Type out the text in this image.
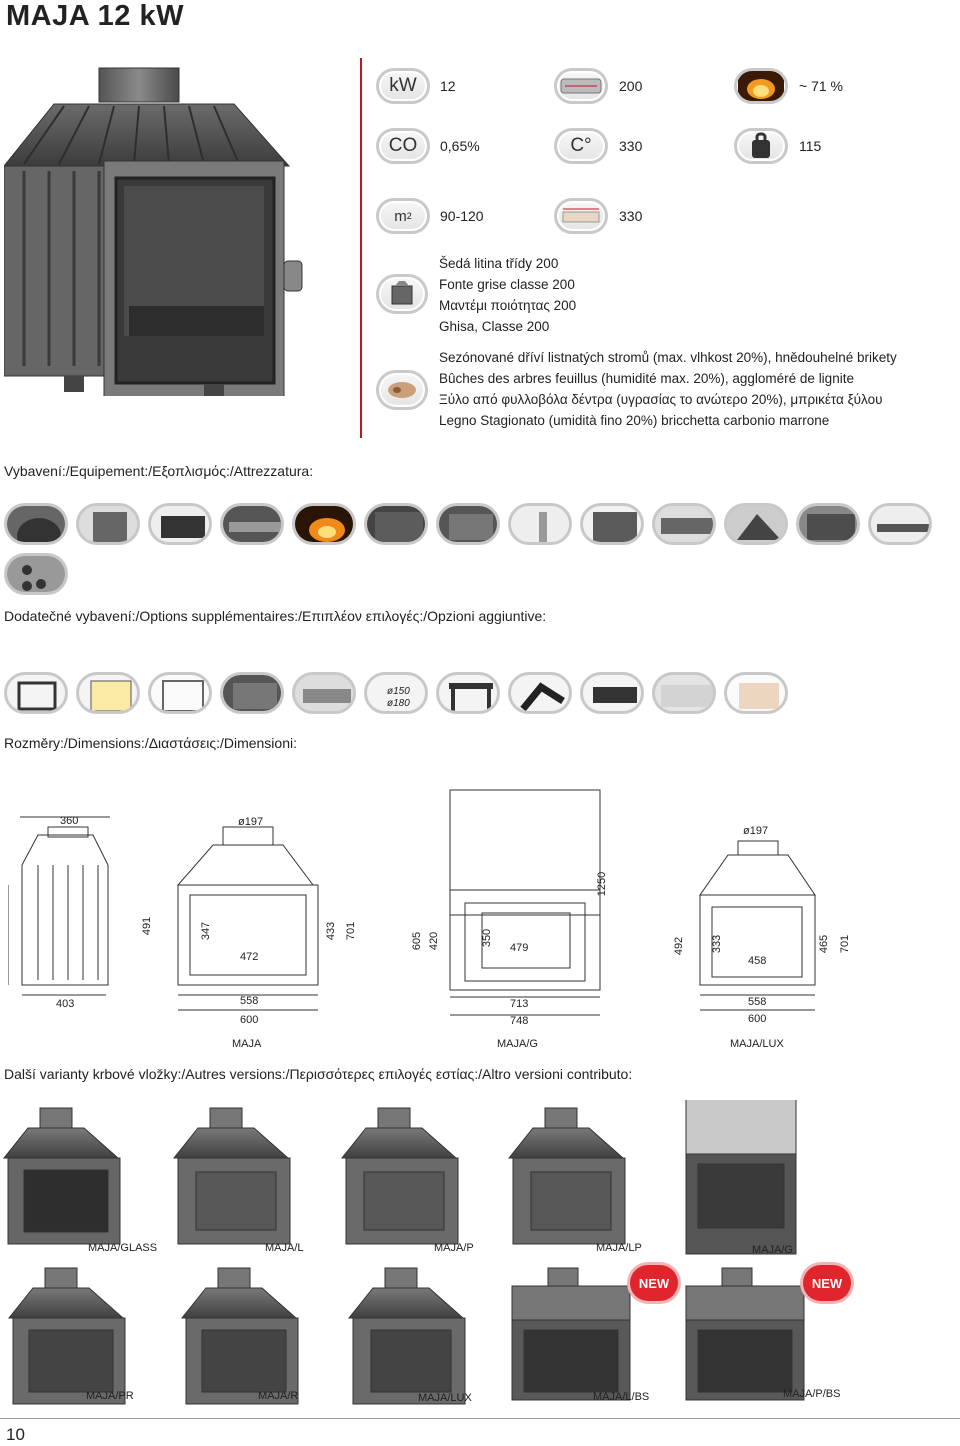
MAJA 12 kW
kW 12	200	~ 71 %
CO 0,65%	C° 330	115
m 2 90-120	330
Šedá litina třídy 200
Fonte grise classe 200
Μαντέμι ποιότητας 200
Ghisa, Classe 200
Sezónované dříví listnatých stromů (max. vlhkost 20%), hnědouhelné brikety
Bûches des arbres feuillus (humidité max. 20%), aggloméré de lignite
Ξύλο από φυλλοβόλα δέντρα (υγρασίας το ανώτερο 20%), μπρικέτα ξύλου
Legno Stagionato (umidità fino 20%) bricchetta carbonio marrone
Vybavení:/Equipement:/Εξοπλισμός:/Attrezzatura:
Dodatečné vybavení:/Options supplémentaires:/Επιπλέον επιλογές:/Opzioni aggiuntive:
ø150
ø180
Rozměry:/Dimensions:/Διαστάσεις:/Dimensioni:
360
491
403
ø197
347
472
433 701
558
600
605 420	350
479
1250
713
748
ø197
492 333
458
465 701
558
600
MAJA	MAJA/G	MAJA/LUX
Další varianty krbové vložky:/Autres versions:/Περισσότερες επιλογές εστίας:/Altro versioni contributo:
MAJA/GLASS	MAJA/L	MAJA/P	MAJA/LP	MAJA/G
NEW	NEW
MAJA/PR	MAJA/R	MAJA/LUX	MAJA/L/BS	MAJA/P/BS
10
